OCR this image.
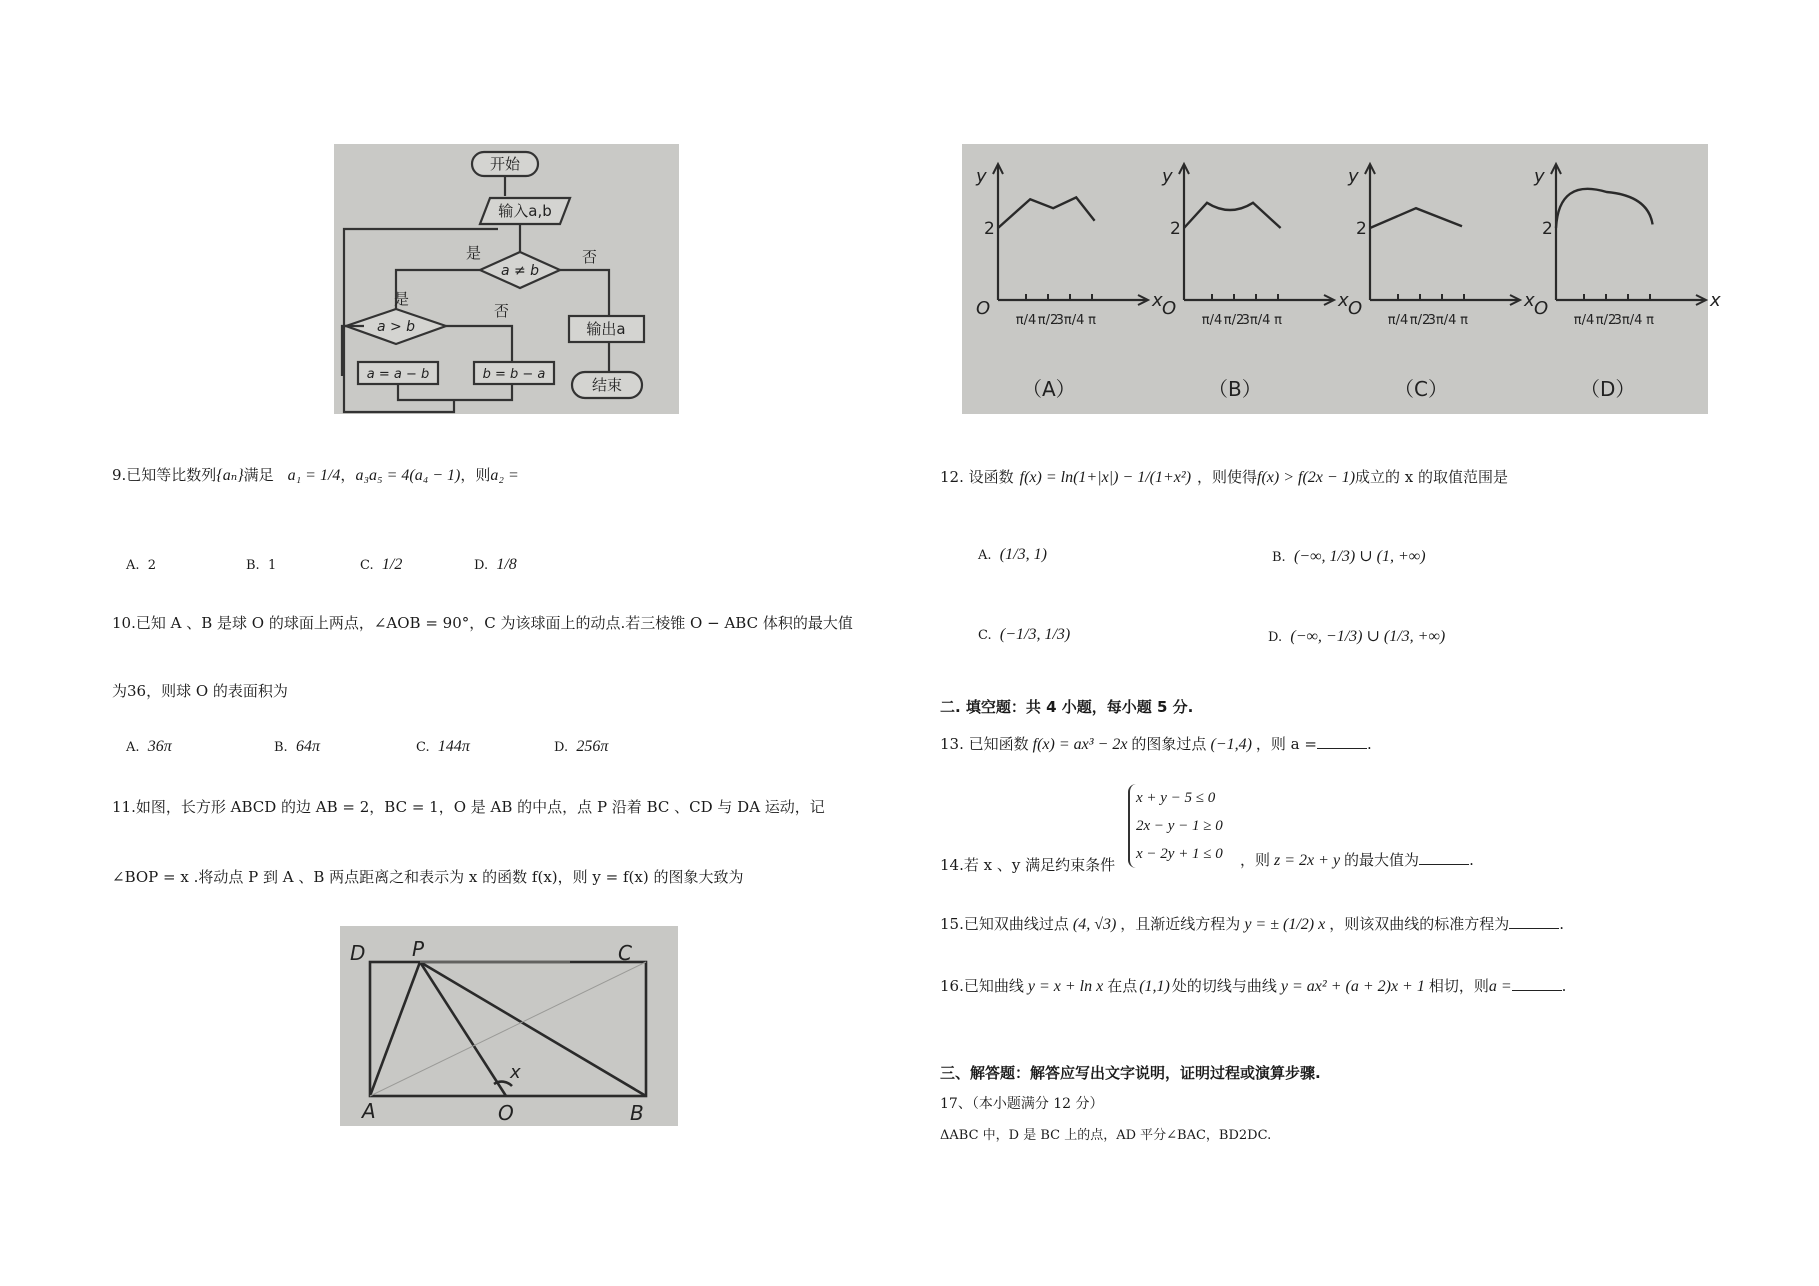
开始
输入a,b
a ≠ b
是	否
a > b
是
否
输出a
结束
a = a − b	b = b − a
9.已知等比数列{aₙ}满足 a₁ = 1/4，a₃a₅ = 4(a₄ − 1)，则a₂ =
A. 2	B. 1	C. 1/2	D. 1/8
10.已知 A 、B 是球 O 的球面上两点，∠AOB = 90°，C 为该球面上的动点.若三棱锥 O − ABC 体积的最大值
为36，则球 O 的表面积为
A. 36π	B. 64π	C. 144π	D. 256π
11.如图，长方形 ABCD 的边 AB = 2，BC = 1，O 是 AB 的中点，点 P 沿着 BC 、CD 与 DA 运动，记
∠BOP = x .将动点 P 到 A 、B 两点距离之和表示为 x 的函数 f(x)，则 y = f(x) 的图象大致为
D P	C
A	O	B
x
y
x
O
2
π/4 π/2
3π/4 π
（A）
y
x
O
2
π/4 π/2
3π/4 π
（B）
y
x
O
2
π/4 π/2
3π/4 π
（C）
y
x
O
2
π/4 π/2
3π/4 π
（D）
12. 设函数 f(x) = ln(1+|x|) − 1/(1+x²) ，则使得f(x) > f(2x − 1)成立的 x 的取值范围是
A. (1/3, 1)	B. (−∞, 1/3) ∪ (1, +∞)
C. (−1/3, 1/3)	D. (−∞, −1/3) ∪ (1/3, +∞)
二. 填空题：共 4 小题，每小题 5 分.
13. 已知函数 f(x) = ax³ − 2x 的图象过点 (−1,4) ，则 a =	.
x + y − 5 ≤ 0
2x − y − 1 ≥ 0
x − 2y + 1 ≤ 0
14.若 x 、y 满足约束条件	，则 z = 2x + y 的最大值为	.
15.已知双曲线过点 (4, √3) ，且渐近线方程为 y = ± (1/2) x ，则该双曲线的标准方程为	.
16.已知曲线 y = x + ln x 在点 (1,1) 处的切线与曲线 y = ax² + (a + 2)x + 1 相切，则a =	.
三、解答题：解答应写出文字说明，证明过程或演算步骤.
17、（本小题满分 12 分）
ΔABC 中，D 是 BC 上的点，AD 平分∠BAC，BD2DC.
